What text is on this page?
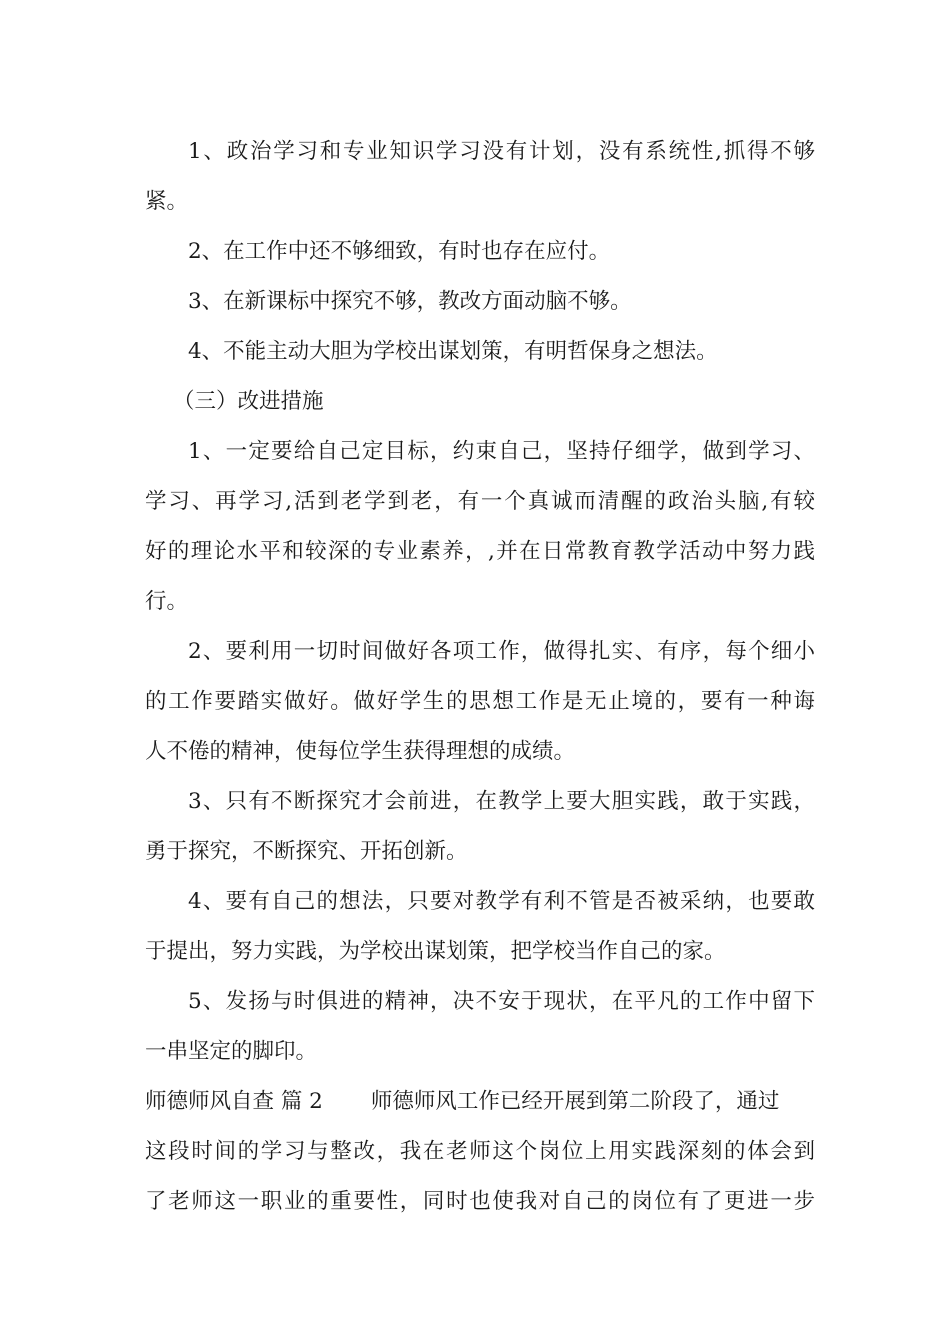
1、政治学习和专业知识学习没有计划，没有系统性,抓得不够
紧。
2、在工作中还不够细致，有时也存在应付。
3、在新课标中探究不够，教改方面动脑不够。
4、不能主动大胆为学校出谋划策，有明哲保身之想法。
（三）改进措施
1、一定要给自己定目标，约束自己，坚持仔细学，做到学习、
学习、再学习,活到老学到老，有一个真诚而清醒的政治头脑,有较
好的理论水平和较深的专业素养，,并在日常教育教学活动中努力践
行。
2、要利用一切时间做好各项工作，做得扎实、有序，每个细小
的工作要踏实做好。做好学生的思想工作是无止境的，要有一种诲
人不倦的精神，使每位学生获得理想的成绩。
3、只有不断探究才会前进，在教学上要大胆实践，敢于实践，
勇于探究，不断探究、开拓创新。
4、要有自己的想法，只要对教学有利不管是否被采纳，也要敢
于提出，努力实践，为学校出谋划策，把学校当作自己的家。
5、发扬与时俱进的精神，决不安于现状，在平凡的工作中留下
一串坚定的脚印。
师德师风自查 篇 2 师德师风工作已经开展到第二阶段了，通过
这段时间的学习与整改，我在老师这个岗位上用实践深刻的体会到
了老师这一职业的重要性，同时也使我对自己的岗位有了更进一步
